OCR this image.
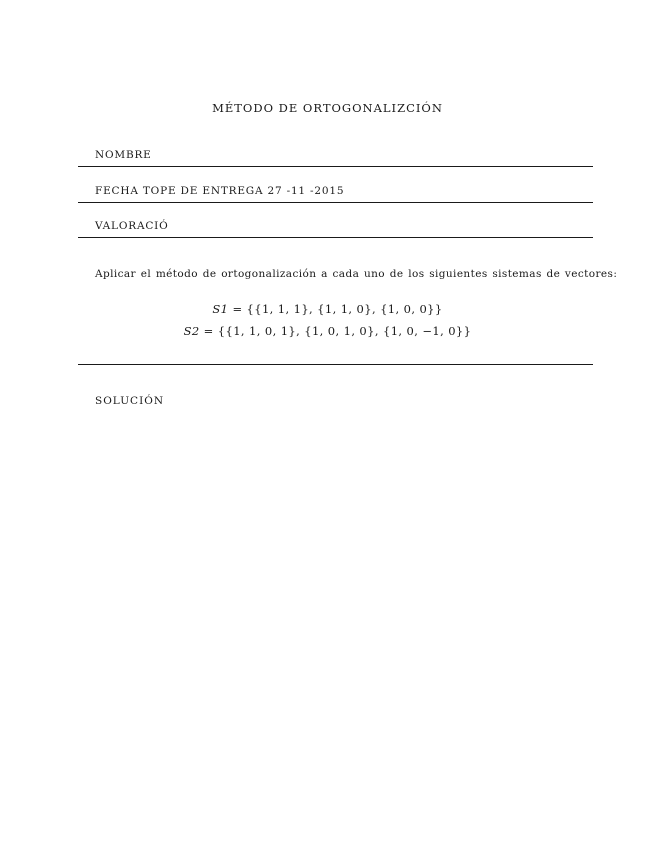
MÉTODO DE ORTOGONALIZCIÓN
NOMBRE
FECHA TOPE DE ENTREGA 27 -11 -2015
VALORACIÓ
Aplicar el método de ortogonalización a cada uno de los siguientes sistemas de vectores:
S1 = {{1, 1, 1}, {1, 1, 0}, {1, 0, 0}}
S2 = {{1, 1, 0, 1}, {1, 0, 1, 0}, {1, 0, −1, 0}}
SOLUCIÓN
